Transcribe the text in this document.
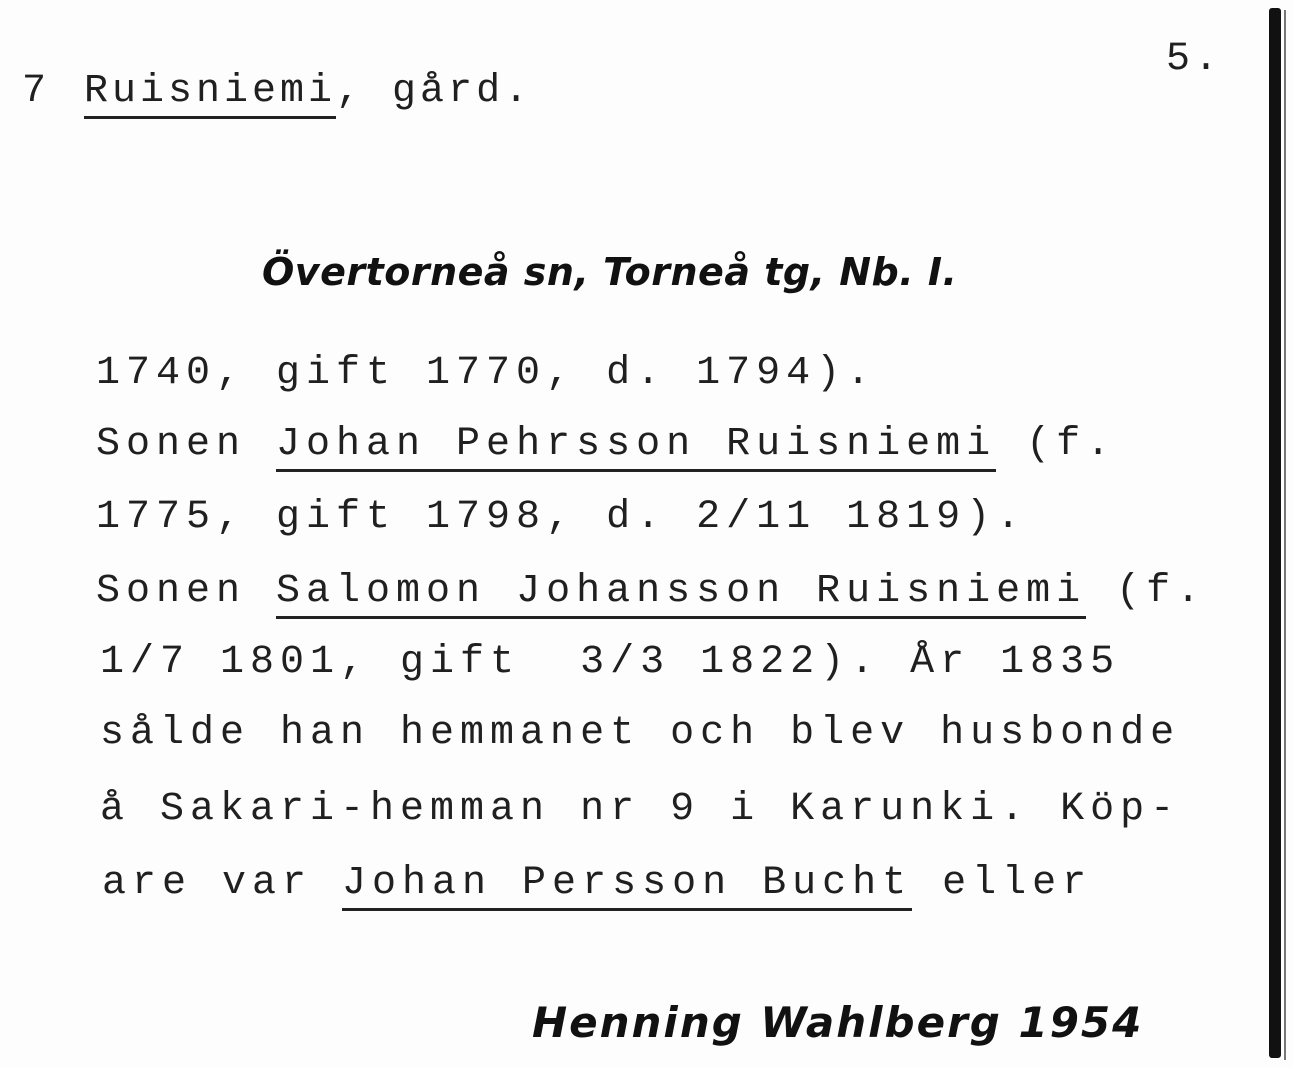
7 Ruisniemi, gård.
5.
Övertorneå sn, Torneå tg, Nb. I.
1740, gift 1770, d. 1794).
Sonen Johan Pehrsson Ruisniemi (f.
1775, gift 1798, d. 2/11 1819).
Sonen Salomon Johansson Ruisniemi (f.
1/7 1801, gift  3/3 1822). År 1835
sålde han hemmanet och blev husbonde
å Sakari-hemman nr 9 i Karunki. Köp-
are var Johan Persson Bucht eller
Henning Wahlberg 1954
